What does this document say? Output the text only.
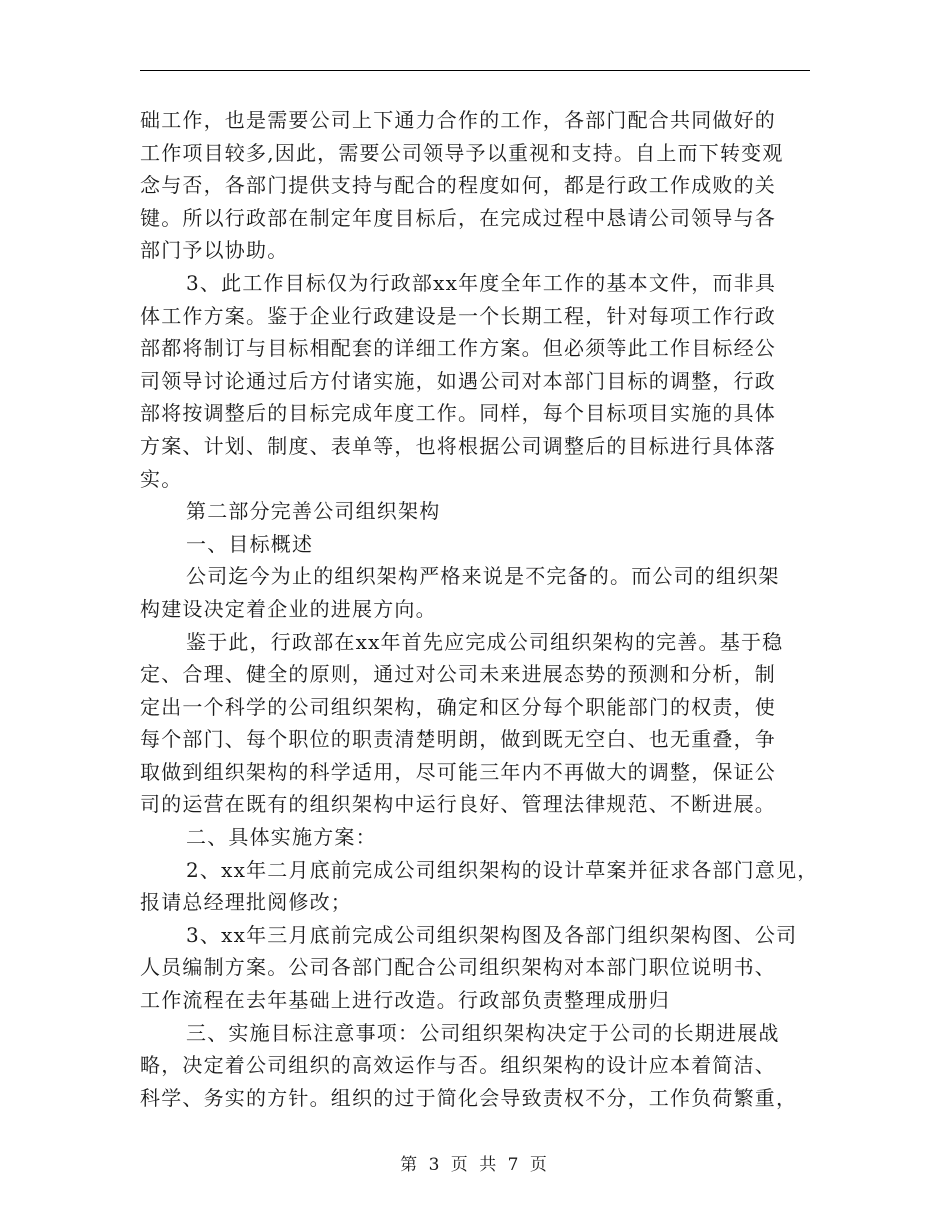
础工作，也是需要公司上下通力合作的工作，各部门配合共同做好的
工作项目较多,因此，需要公司领导予以重视和支持。自上而下转变观
念与否，各部门提供支持与配合的程度如何，都是行政工作成败的关
键。所以行政部在制定年度目标后，在完成过程中恳请公司领导与各
部门予以协助。
3、此工作目标仅为行政部xx年度全年工作的基本文件，而非具
体工作方案。鉴于企业行政建设是一个长期工程，针对每项工作行政
部都将制订与目标相配套的详细工作方案。但必须等此工作目标经公
司领导讨论通过后方付诸实施，如遇公司对本部门目标的调整，行政
部将按调整后的目标完成年度工作。同样，每个目标项目实施的具体
方案、计划、制度、表单等，也将根据公司调整后的目标进行具体落
实。
第二部分完善公司组织架构
一、目标概述
公司迄今为止的组织架构严格来说是不完备的。而公司的组织架
构建设决定着企业的进展方向。
鉴于此，行政部在xx年首先应完成公司组织架构的完善。基于稳
定、合理、健全的原则，通过对公司未来进展态势的预测和分析，制
定出一个科学的公司组织架构，确定和区分每个职能部门的权责，使
每个部门、每个职位的职责清楚明朗，做到既无空白、也无重叠，争
取做到组织架构的科学适用，尽可能三年内不再做大的调整，保证公
司的运营在既有的组织架构中运行良好、管理法律规范、不断进展。
二、具体实施方案：
2、xx年二月底前完成公司组织架构的设计草案并征求各部门意见，
报请总经理批阅修改；
3、xx年三月底前完成公司组织架构图及各部门组织架构图、公司
人员编制方案。公司各部门配合公司组织架构对本部门职位说明书、
工作流程在去年基础上进行改造。行政部负责整理成册归
三、实施目标注意事项：公司组织架构决定于公司的长期进展战
略，决定着公司组织的高效运作与否。组织架构的设计应本着简洁、
科学、务实的方针。组织的过于简化会导致责权不分，工作负荷繁重，
第 3 页 共 7 页
